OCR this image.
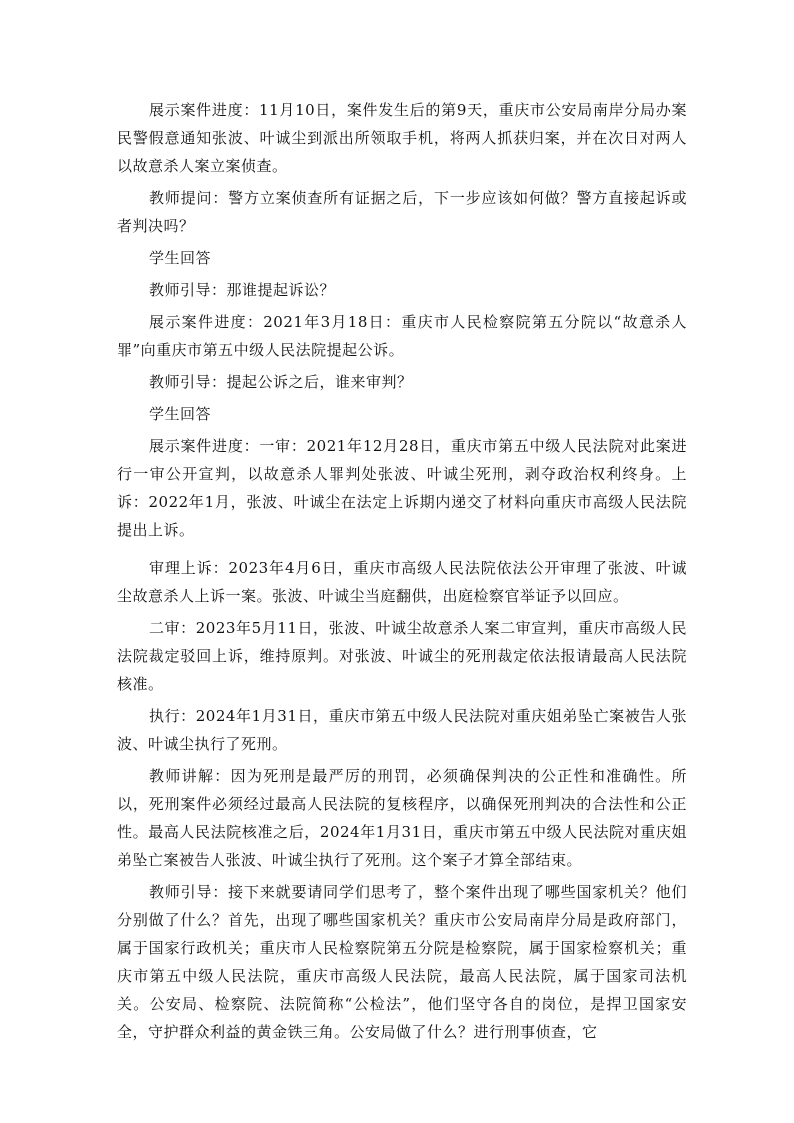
展示案件进度：11月10日，案件发生后的第9天，重庆市公安局南岸分局办案民警假意通知张波、叶诚尘到派出所领取手机，将两人抓获归案，并在次日对两人以故意杀人案立案侦查。

教师提问：警方立案侦查所有证据之后，下一步应该如何做？警方直接起诉或者判决吗？

学生回答

教师引导：那谁提起诉讼？

展示案件进度：2021年3月18日：重庆市人民检察院第五分院以“故意杀人罪”向重庆市第五中级人民法院提起公诉。

教师引导：提起公诉之后，谁来审判？

学生回答

展示案件进度：一审：2021年12月28日，重庆市第五中级人民法院对此案进行一审公开宣判，以故意杀人罪判处张波、叶诚尘死刑，剥夺政治权利终身。上诉：2022年1月，张波、叶诚尘在法定上诉期内递交了材料向重庆市高级人民法院提出上诉。

审理上诉：2023年4月6日，重庆市高级人民法院依法公开审理了张波、叶诚尘故意杀人上诉一案。张波、叶诚尘当庭翻供，出庭检察官举证予以回应。

二审：2023年5月11日，张波、叶诚尘故意杀人案二审宣判，重庆市高级人民法院裁定驳回上诉，维持原判。对张波、叶诚尘的死刑裁定依法报请最高人民法院核准。

执行：2024年1月31日，重庆市第五中级人民法院对重庆姐弟坠亡案被告人张波、叶诚尘执行了死刑。

教师讲解：因为死刑是最严厉的刑罚，必须确保判决的公正性和准确性。所以，死刑案件必须经过最高人民法院的复核程序，以确保死刑判决的合法性和公正性。最高人民法院核准之后，2024年1月31日，重庆市第五中级人民法院对重庆姐弟坠亡案被告人张波、叶诚尘执行了死刑。这个案子才算全部结束。

教师引导：接下来就要请同学们思考了，整个案件出现了哪些国家机关？他们分别做了什么？首先，出现了哪些国家机关？重庆市公安局南岸分局是政府部门，属于国家行政机关；重庆市人民检察院第五分院是检察院，属于国家检察机关；重庆市第五中级人民法院，重庆市高级人民法院，最高人民法院，属于国家司法机关。公安局、检察院、法院简称“公检法”，他们坚守各自的岗位，是捍卫国家安全，守护群众利益的黄金铁三角。公安局做了什么？进行刑事侦查，它
